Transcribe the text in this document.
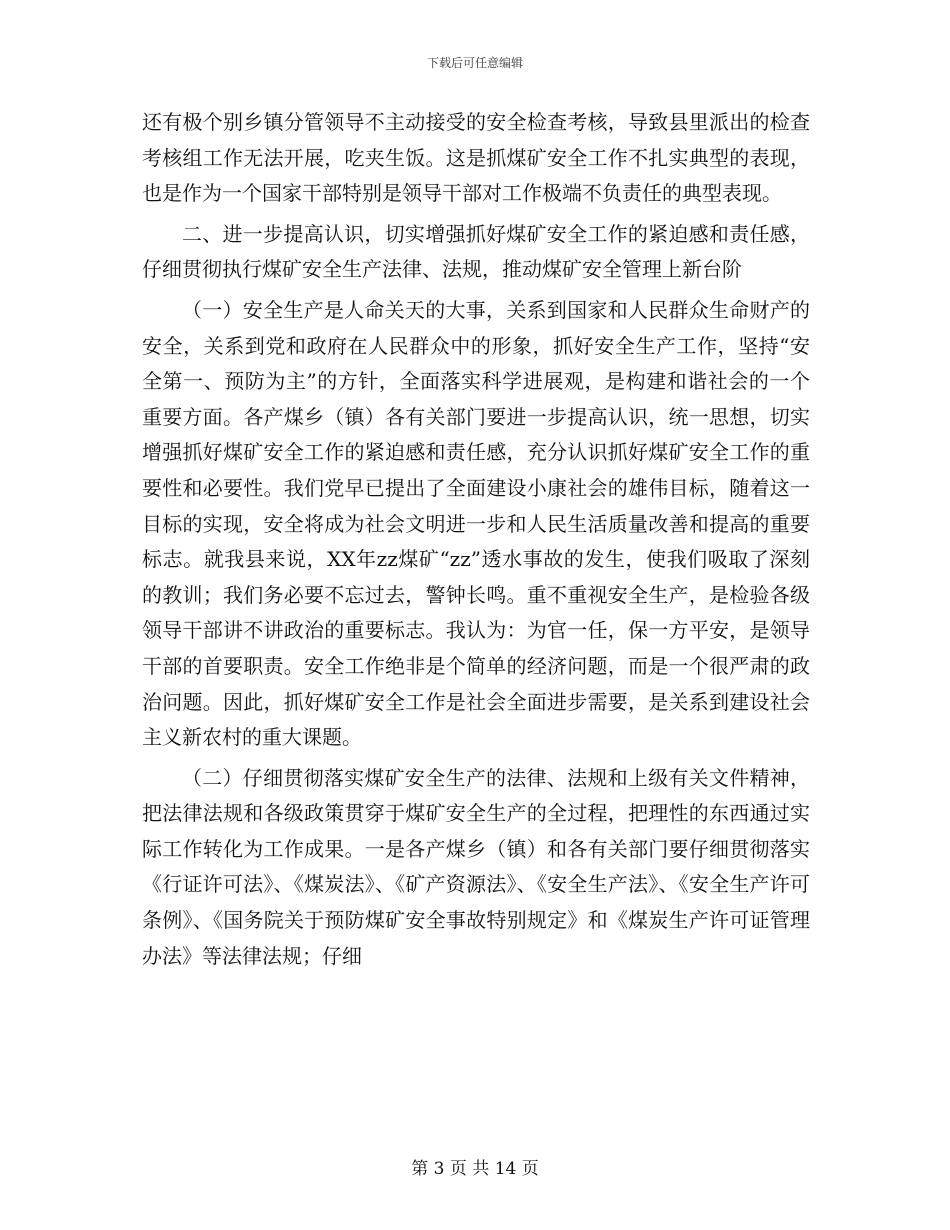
下载后可任意编辑

还有极个别乡镇分管领导不主动接受的安全检查考核，导致县里派出的检查考核组工作无法开展，吃夹生饭。这是抓煤矿安全工作不扎实典型的表现，也是作为一个国家干部特别是领导干部对工作极端不负责任的典型表现。

二、进一步提高认识，切实增强抓好煤矿安全工作的紧迫感和责任感，仔细贯彻执行煤矿安全生产法律、法规，推动煤矿安全管理上新台阶

（一）安全生产是人命关天的大事，关系到国家和人民群众生命财产的安全，关系到党和政府在人民群众中的形象，抓好安全生产工作，坚持“安全第一、预防为主”的方针，全面落实科学进展观，是构建和谐社会的一个重要方面。各产煤乡（镇）各有关部门要进一步提高认识，统一思想，切实增强抓好煤矿安全工作的紧迫感和责任感，充分认识抓好煤矿安全工作的重要性和必要性。我们党早已提出了全面建设小康社会的雄伟目标，随着这一目标的实现，安全将成为社会文明进一步和人民生活质量改善和提高的重要标志。就我县来说，XX年zz煤矿“zz”透水事故的发生，使我们吸取了深刻的教训；我们务必要不忘过去，警钟长鸣。重不重视安全生产，是检验各级领导干部讲不讲政治的重要标志。我认为：为官一任，保一方平安，是领导干部的首要职责。安全工作绝非是个简单的经济问题，而是一个很严肃的政治问题。因此，抓好煤矿安全工作是社会全面进步需要，是关系到建设社会主义新农村的重大课题。

（二）仔细贯彻落实煤矿安全生产的法律、法规和上级有关文件精神，把法律法规和各级政策贯穿于煤矿安全生产的全过程，把理性的东西通过实际工作转化为工作成果。一是各产煤乡（镇）和各有关部门要仔细贯彻落实《行证许可法》、《煤炭法》、《矿产资源法》、《安全生产法》、《安全生产许可条例》、《国务院关于预防煤矿安全事故特别规定》和《煤炭生产许可证管理办法》等法律法规；仔细

第 3 页 共 14 页
